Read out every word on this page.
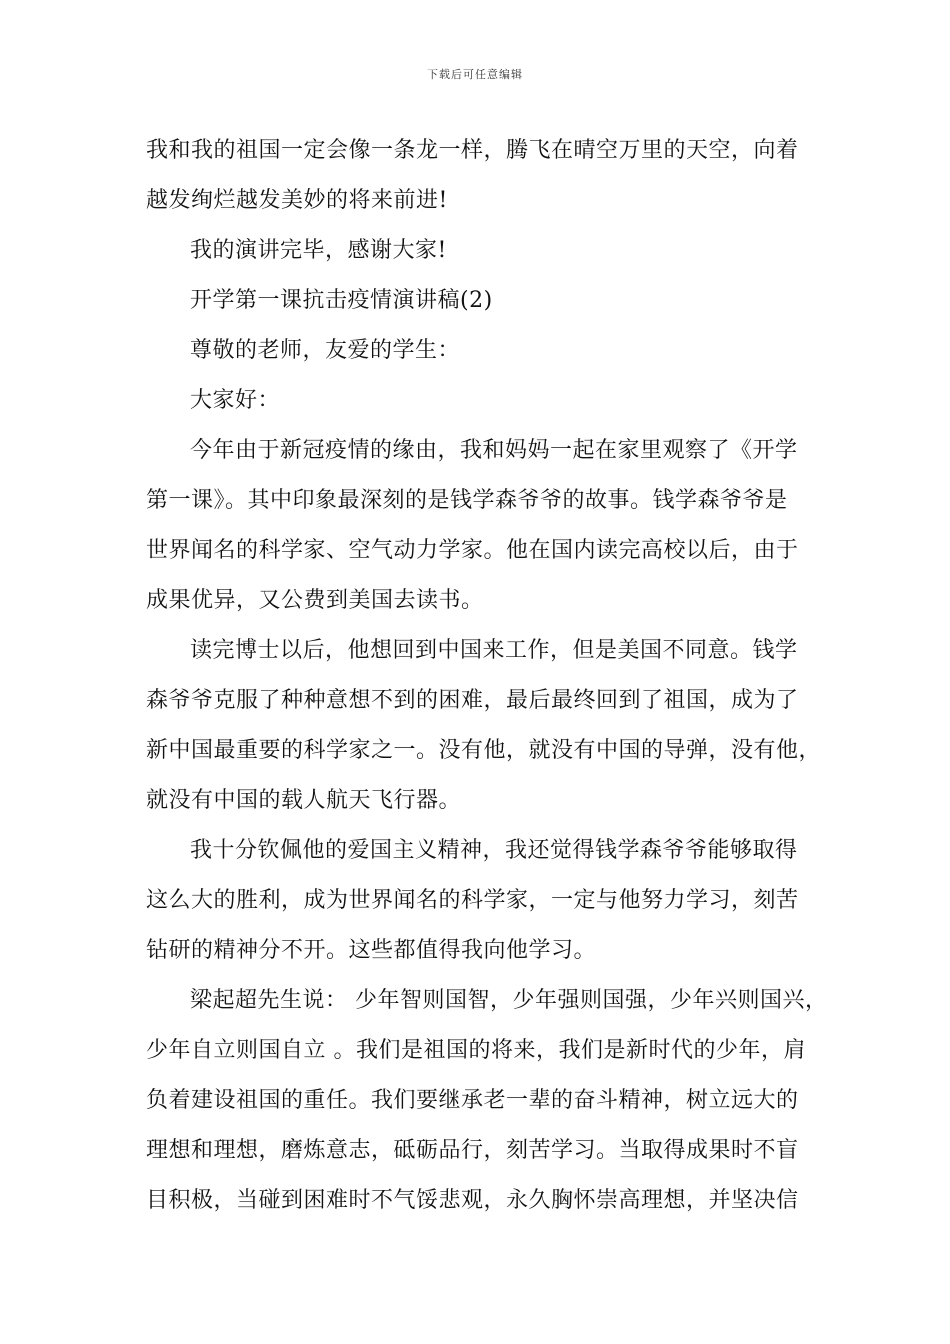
下载后可任意编辑
我和我的祖国一定会像一条龙一样，腾飞在晴空万里的天空，向着
越发绚烂越发美妙的将来前进!
我的演讲完毕，感谢大家!
开学第一课抗击疫情演讲稿(2)
尊敬的老师，友爱的学生：
大家好：
今年由于新冠疫情的缘由，我和妈妈一起在家里观察了《开学
第一课》。其中印象最深刻的是钱学森爷爷的故事。钱学森爷爷是
世界闻名的科学家、空气动力学家。他在国内读完高校以后，由于
成果优异，又公费到美国去读书。
读完博士以后，他想回到中国来工作，但是美国不同意。钱学
森爷爷克服了种种意想不到的困难，最后最终回到了祖国，成为了
新中国最重要的科学家之一。没有他，就没有中国的导弹，没有他，
就没有中国的载人航天飞行器。
我十分钦佩他的爱国主义精神，我还觉得钱学森爷爷能够取得
这么大的胜利，成为世界闻名的科学家，一定与他努力学习，刻苦
钻研的精神分不开。这些都值得我向他学习。
梁起超先生说： 少年智则国智，少年强则国强，少年兴则国兴，
少年自立则国自立 。我们是祖国的将来，我们是新时代的少年，肩
负着建设祖国的重任。我们要继承老一辈的奋斗精神，树立远大的
理想和理想，磨炼意志，砥砺品行，刻苦学习。当取得成果时不盲
目积极，当碰到困难时不气馁悲观，永久胸怀崇高理想，并坚决信
